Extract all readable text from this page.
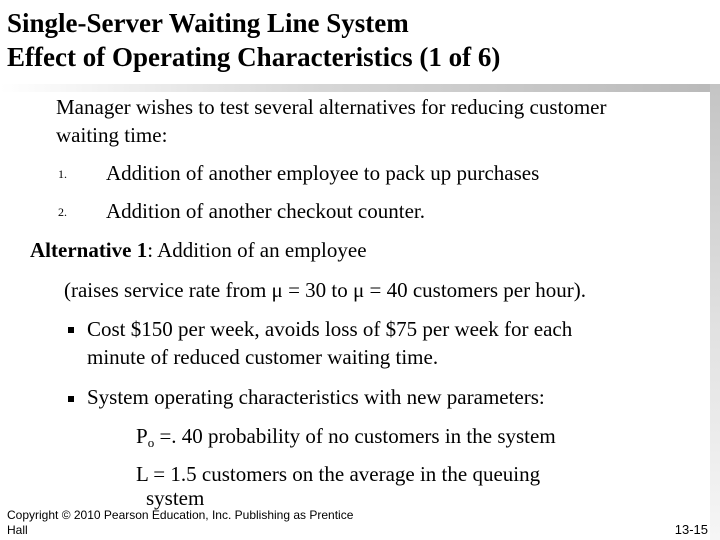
Single-Server Waiting Line System
Effect of Operating Characteristics (1 of 6)
Manager wishes to test several alternatives for reducing customer
waiting time:
1. Addition of another employee to pack up purchases
2. Addition of another checkout counter.
Alternative 1: Addition of an employee
(raises service rate from μ = 30 to μ = 40 customers per hour).
Cost $150 per week, avoids loss of $75 per week for each
minute of reduced customer waiting time.
System operating characteristics with new parameters:
$P_o$ =. 40 probability of no customers in the system
L = 1.5 customers on the average in the queuing
system
Copyright © 2010 Pearson Education, Inc. Publishing as Prentice
Hall	13-15
